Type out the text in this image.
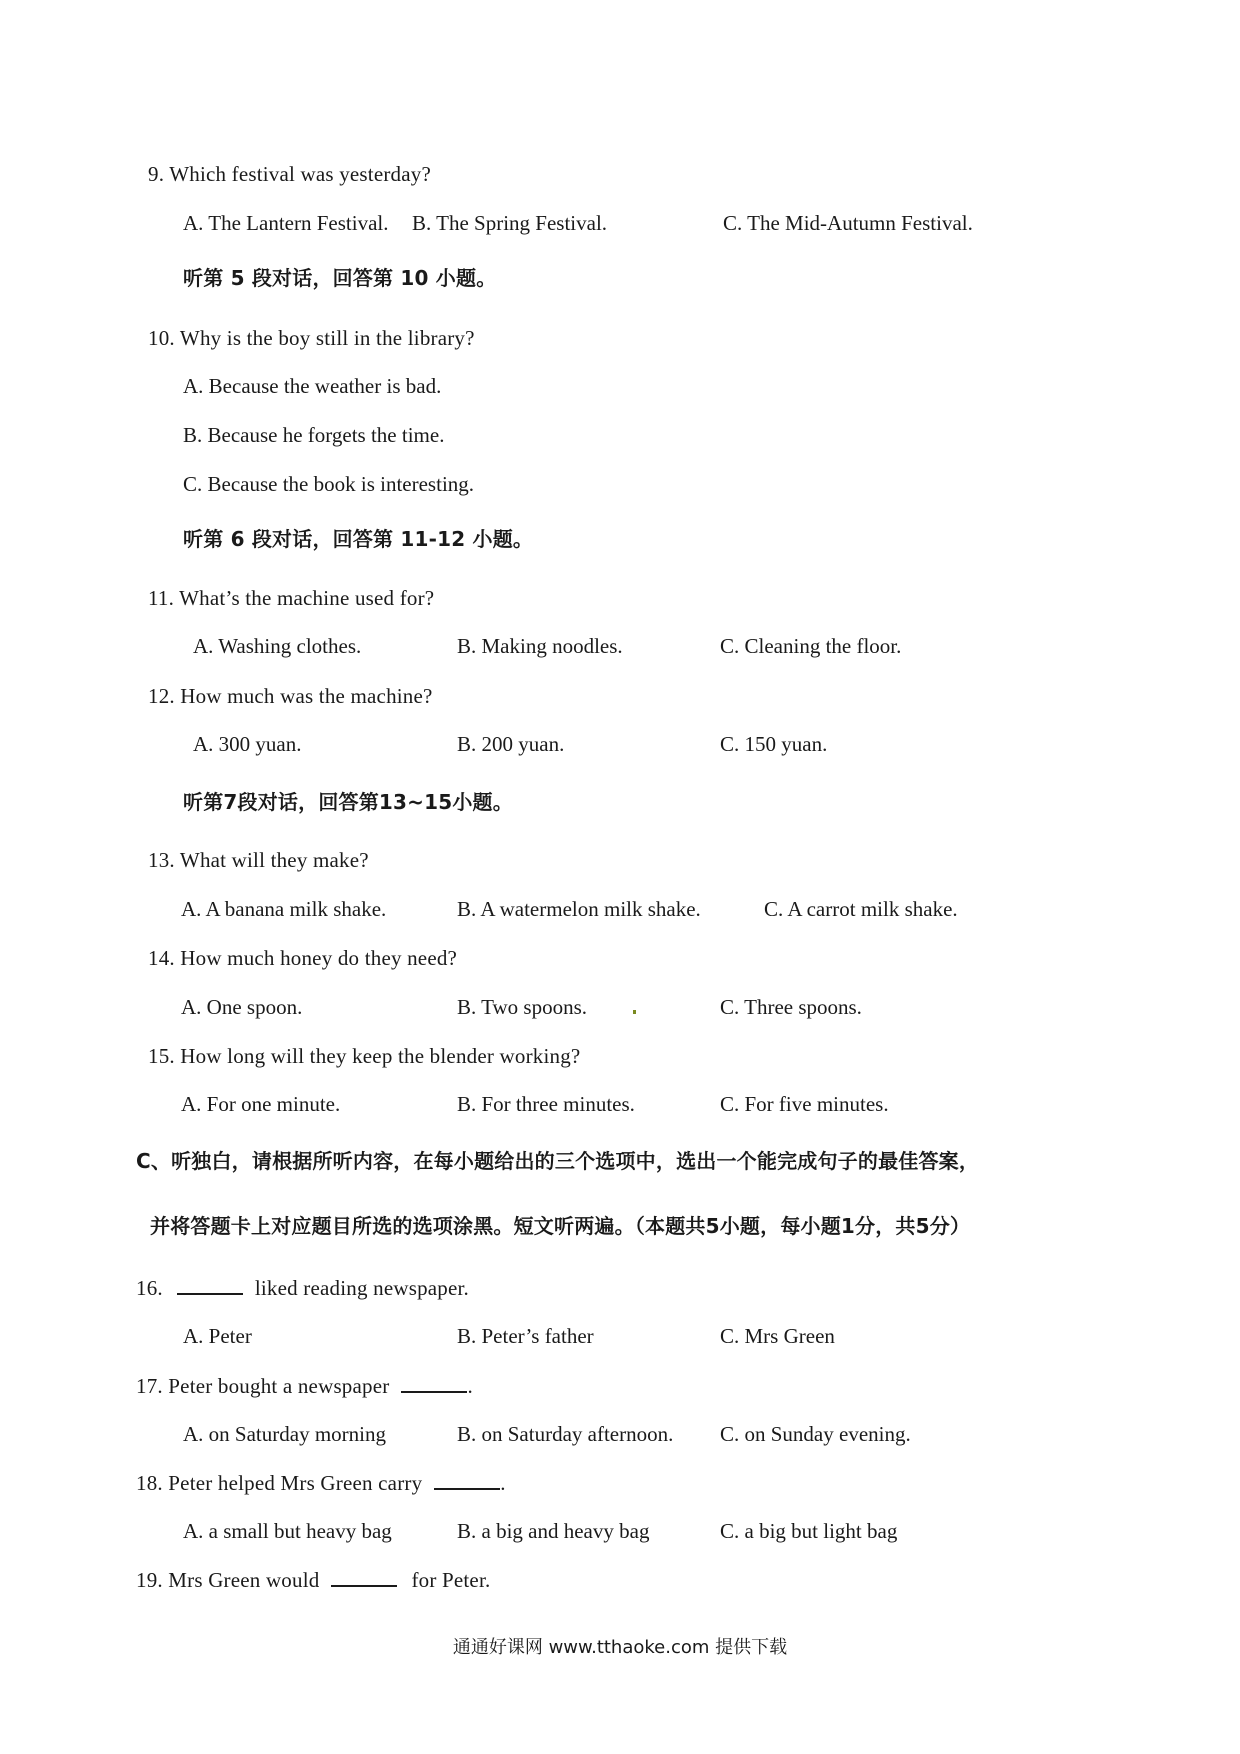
9. Which festival was yesterday?
A. The Lantern Festival. B. The Spring Festival.	C. The Mid-Autumn Festival.
听第 5 段对话，回答第 10 小题。
10. Why is the boy still in the library?
A. Because the weather is bad.
B. Because he forgets the time.
C. Because the book is interesting.
听第 6 段对话，回答第 11-12 小题。
11. What’s the machine used for?
A. Washing clothes.	B. Making noodles.	C. Cleaning the floor.
12. How much was the machine?
A. 300 yuan.	B. 200 yuan.	C. 150 yuan.
听第7段对话，回答第13~15小题。
13. What will they make?
A. A banana milk shake.	B. A watermelon milk shake.	C. A carrot milk shake.
14. How much honey do they need?
A. One spoon.	B. Two spoons.	C. Three spoons.
15. How long will they keep the blender working?
A. For one minute.	B. For three minutes.	C. For five minutes.
C、听独白，请根据所听内容，在每小题给出的三个选项中，选出一个能完成句子的最佳答案，
并将答题卡上对应题目所选的选项涂黑。短文听两遍。（本题共5小题，每小题1分，共5分）
16.	liked reading newspaper.
A. Peter	B. Peter’s father	C. Mrs Green
17. Peter bought a newspaper	.
A. on Saturday morning	B. on Saturday afternoon. C. on Sunday evening.
18. Peter helped Mrs Green carry	.
A. a small but heavy bag	B. a big and heavy bag	C. a big but light bag
19. Mrs Green would	for Peter.
通通好课网 www.tthaoke.com 提供下载
